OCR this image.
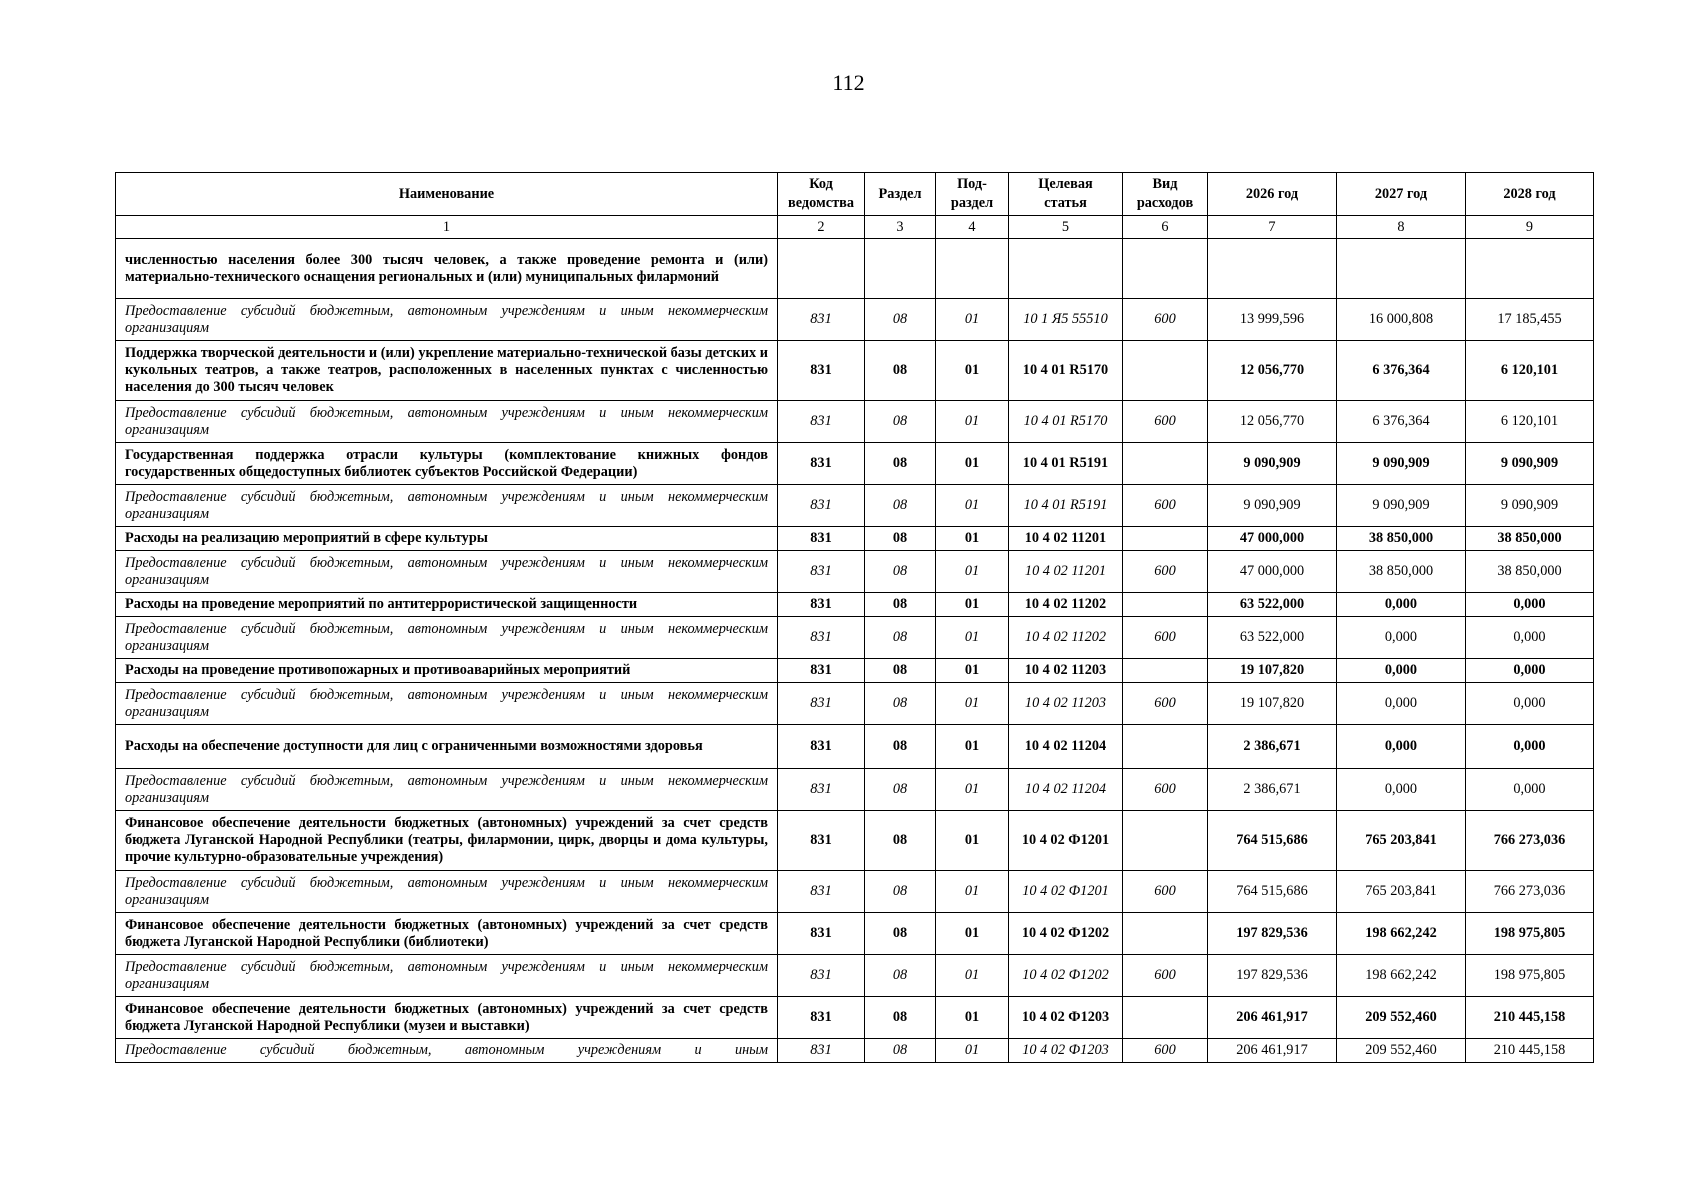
112
Наименование	Код ведомства	Раздел	Под-раздел	Целевая статья	Вид расходов	2026 год	2027 год	2028 год
1	2	3	4	5	6	7	8	9
численностью населения более 300 тысяч человек, а также проведение ремонта и (или) материально-технического оснащения региональных и (или) муниципальных филармоний								
Предоставление субсидий бюджетным, автономным учреждениям и иным некоммерческим организациям	831	08	01	10 1 Я5 55510	600	13 999,596	16 000,808	17 185,455
Поддержка творческой деятельности и (или) укрепление материально-технической базы детских и кукольных театров, а также театров, расположенных в населенных пунктах с численностью населения до 300 тысяч человек	831	08	01	10 4 01 R5170		12 056,770	6 376,364	6 120,101
Предоставление субсидий бюджетным, автономным учреждениям и иным некоммерческим организациям	831	08	01	10 4 01 R5170	600	12 056,770	6 376,364	6 120,101
Государственная поддержка отрасли культуры (комплектование книжных фондов государственных общедоступных библиотек субъектов Российской Федерации)	831	08	01	10 4 01 R5191		9 090,909	9 090,909	9 090,909
Предоставление субсидий бюджетным, автономным учреждениям и иным некоммерческим организациям	831	08	01	10 4 01 R5191	600	9 090,909	9 090,909	9 090,909
Расходы на реализацию мероприятий в сфере культуры	831	08	01	10 4 02 11201		47 000,000	38 850,000	38 850,000
Предоставление субсидий бюджетным, автономным учреждениям и иным некоммерческим организациям	831	08	01	10 4 02 11201	600	47 000,000	38 850,000	38 850,000
Расходы на проведение мероприятий по антитеррористической защищенности	831	08	01	10 4 02 11202		63 522,000	0,000	0,000
Предоставление субсидий бюджетным, автономным учреждениям и иным некоммерческим организациям	831	08	01	10 4 02 11202	600	63 522,000	0,000	0,000
Расходы на проведение противопожарных и противоаварийных мероприятий	831	08	01	10 4 02 11203		19 107,820	0,000	0,000
Предоставление субсидий бюджетным, автономным учреждениям и иным некоммерческим организациям	831	08	01	10 4 02 11203	600	19 107,820	0,000	0,000
Расходы на обеспечение доступности для лиц с ограниченными возможностями здоровья	831	08	01	10 4 02 11204		2 386,671	0,000	0,000
Предоставление субсидий бюджетным, автономным учреждениям и иным некоммерческим организациям	831	08	01	10 4 02 11204	600	2 386,671	0,000	0,000
Финансовое обеспечение деятельности бюджетных (автономных) учреждений за счет средств бюджета Луганской Народной Республики (театры, филармонии, цирк, дворцы и дома культуры, прочие культурно-образовательные учреждения)	831	08	01	10 4 02 Ф1201		764 515,686	765 203,841	766 273,036
Предоставление субсидий бюджетным, автономным учреждениям и иным некоммерческим организациям	831	08	01	10 4 02 Ф1201	600	764 515,686	765 203,841	766 273,036
Финансовое обеспечение деятельности бюджетных (автономных) учреждений за счет средств бюджета Луганской Народной Республики (библиотеки)	831	08	01	10 4 02 Ф1202		197 829,536	198 662,242	198 975,805
Предоставление субсидий бюджетным, автономным учреждениям и иным некоммерческим организациям	831	08	01	10 4 02 Ф1202	600	197 829,536	198 662,242	198 975,805
Финансовое обеспечение деятельности бюджетных (автономных) учреждений за счет средств бюджета Луганской Народной Республики (музеи и выставки)	831	08	01	10 4 02 Ф1203		206 461,917	209 552,460	210 445,158
Предоставление субсидий бюджетным, автономным учреждениям и иным	831	08	01	10 4 02 Ф1203	600	206 461,917	209 552,460	210 445,158
